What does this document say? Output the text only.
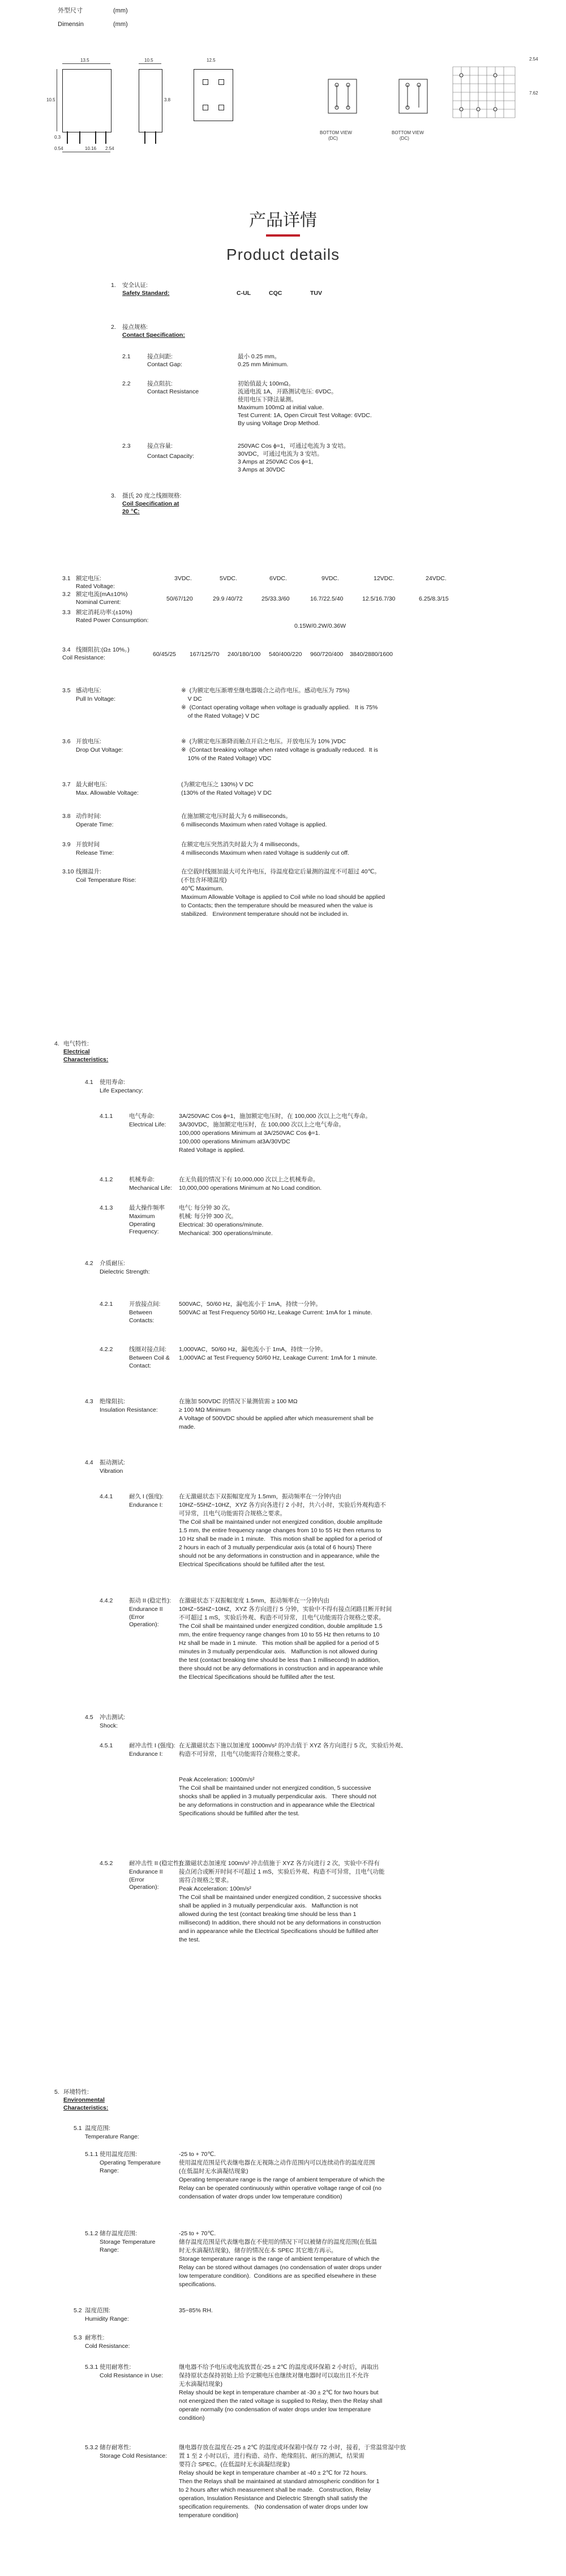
外型尺寸	(mm)
Dimensin	(mm)
13.5
10.5
0.3
0.54	10.16 2.54
10.5
3.8
12.5
BOTTOM VIEW
(DC)
BOTTOM VIEW
(DC)
2.54
7.62
产品详情
Product details
1. 安全认证:
Safety Standard:	C-UL	CQC	TUV
2. 接点规格:
Contact Specification:
2.1	接点间距:
Contact Gap:
最小 0.25 mm。
0.25 mm Minimum.
2.2	接点阻抗:
Contact Resistance
初始值最大 100mΩ。
流通电流 1A，开路测试电压: 6VDC。
使用电压下降法量测。
Maximum 100mΩ at initial value.
Test Current: 1A, Open Circuit Test Voltage: 6VDC.
By using Voltage Drop Method.
2.3	接点容量:
Contact Capacity:
250VAC Cos ϕ=1，可通过电流为 3 安培。
30VDC，可通过电流为 3 安培。
3 Amps at 250VAC Cos ϕ=1,
3 Amps at 30VDC
3. 摄氏 20 度之线圈规格:
Coil Specification at
20 ℃:
3.1 额定电压:
Rated Voltage:
3VDC.	5VDC.	6VDC.	9VDC.	12VDC.	24VDC.
3.2 额定电流(mA±10%)
Nominal Current:	50/67/120	29.9 /40/72	25/33.3/60	16.7/22.5/40	12.5/16.7/30	6.25/8.3/15
3.3 额定消耗功率:(±10%)
Rated Power Consumption:
0.15W/0.2W/0.36W
3.4 线圈阻抗:(Ω± 10%。)
Coil Resistance:	60/45/25 167/125/70 240/180/100 540/400/220 960/720/400 3840/2880/1600
4. 电气特性:
Electrical
Characteristics:
5. 环境特性:
Environmental
Characteristics:
3.5 感动电压:
Pull In Voltage:
※  (为额定电压渐增至继电器吸合之动作电压。感动电压为 75%)
V DC
※  (Contact operating voltage when voltage is gradually applied.   It is 75%
of the Rated Voltage) V DC
3.6 开放电压:
Drop Out Voltage:
※  (为额定电压渐降而触点开启之电压。开放电压为 10% )VDC
※  (Contact breaking voltage when rated voltage is gradually reduced.  It is
10% of the Rated Voltage) VDC
3.7 最大耐电压:
Max. Allowable Voltage:
(为额定电压之 130%) V DC
(130% of the Rated Voltage) V DC
3.8 动作时间:
Operate Time:
在施加额定电压时最大为 6 milliseconds。
6 milliseconds Maximum when rated Voltage is applied.
3.9 开放时间
Release Time:
在额定电压突然消失时最大为 4 milliseconds。
4 milliseconds Maximum when rated Voltage is suddenly cut off.
3.10 线圈温升:
Coil Temperature Rise:
在空载时线圈加最大可允许电压，待温度稳定后量测的温度不可超过 40℃。
(不包含环境温度)
40℃ Maximum.
Maximum Allowable Voltage is applied to Coil while no load should be applied
to Contacts; then the temperature should be measured when the value is
stabilized.   Environment temperature should not be included in.
4.1 使用寿命:
Life Expectancy:
4.1.1	电气寿命:
Electrical Life:
3A/250VAC Cos ϕ=1，施加额定电压时，在 100,000 次以上之电气寿命。
3A/30VDC，施加额定电压时，在 100,000 次以上之电气寿命。
100,000 operations Minimum at 3A/250VAC Cos ϕ=1.
100,000 operations Minimum at3A/30VDC
Rated Voltage is applied.
4.1.2	机械寿命:
Mechanical Life:
在无负载的情况下有 10,000,000 次以上之机械寿命。
10,000,000 operations Minimum at No Load condition.
4.1.3	最大操作频率
Maximum Operating Frequency:
电气: 每分钟 30 次。
机械: 每分钟 300 次。
Electrical: 30 operations/minute.
Mechanical: 300 operations/minute.
4.2 介质耐压:
Dielectric Strength:
4.2.1	开放接点间:
Between Contacts:
500VAC，50/60 Hz，漏电流小于 1mA，持续一分钟。
500VAC at Test Frequency 50/60 Hz, Leakage Current: 1mA for 1 minute.
4.2.2	线圈对接点间:
Between Coil & Contact:
1,000VAC，50/60 Hz，漏电流小于 1mA，持续一分钟。
1,000VAC at Test Frequency 50/60 Hz, Leakage Current: 1mA for 1 minute.
4.3 绝缘阻抗:
Insulation Resistance:
在施加 500VDC 的情况下量测值需 ≥ 100 MΩ
≥ 100 MΩ Minimum
A Voltage of 500VDC should be applied after which measurement shall be
made.
4.4 振动测试:
Vibration
4.4.1	耐久 I (强度):
Endurance I:
在无激磁状态下双振幅宽度为 1.5mm，振动频率在一分钟内由
10HZ~55HZ~10HZ，XYZ 各方向各进行 2 小时，共六小时，实验后外观构造不
可异常，且电气功能需符合规格之要求。
The Coil shall be maintained under not energized condition, double amplitude
1.5 mm, the entire frequency range changes from 10 to 55 Hz then returns to
10 Hz shall be made in 1 minute.   This motion shall be applied for a period of
2 hours in each of 3 mutually perpendicular axis (a total of 6 hours) There
should not be any deformations in construction and in appearance, while the
Electrical Specifications should be fulfilled after the test.
4.4.2	振动 II (稳定性):
Endurance II (Error Operation):
在激磁状态下双振幅宽度 1.5mm，振动频率在一分钟内由
10HZ~55HZ~10HZ，XYZ 各方向进行 5 分钟，实验中不得有接点闭路且断开时间
不可超过 1 mS，实验后外观、构造不可异常，且电气功能需符合规格之要求。
The Coil shall be maintained under energized condition, double amplitude 1.5
mm, the entire frequency range changes from 10 to 55 Hz then returns to 10
Hz shall be made in 1 minute.   This motion shall be applied for a period of 5
minutes in 3 mutually perpendicular axis.   Malfunction is not allowed during
the test (contact breaking time should be less than 1 millisecond) In addition,
there should not be any deformations in construction and in appearance while
the Electrical Specifications should be fulfilled after the test.
4.5 冲击测试:
Shock:
4.5.1	耐冲击性 I (强度):
Endurance I:
在无激磁状态下施以加速度 1000m/s² 的冲击值于 XYZ 各方向进行 5 次，实验后外观、
构造不可异常，且电气功能需符合规格之要求。
Peak Acceleration: 1000m/s²
The Coil shall be maintained under not energized condition, 5 successive
shocks shall be applied in 3 mutually perpendicular axis.   There should not
be any deformations in construction and in appearance while the Electrical
Specifications should be fulfilled after the test.
4.5.2	耐冲击性 II (稳定性):
Endurance II (Error Operation):
在激磁状态加速度 100m/s² 冲击值施于 XYZ 各方向进行 2 次，实验中不得有
接点闭合或断开时间不可超过 1 mS，实验后外观、构造不可异常，且电气功能
需符合规格之要求。
Peak Acceleration: 100m/s²
The Coil shall be maintained under energized condition, 2 successive shocks
shall be applied in 3 mutually perpendicular axis.   Malfunction is not
allowed during the test (contact breaking time should be less than 1
millisecond) In addition, there should not be any deformations in construction
and in appearance while the Electrical Specifications should be fulfilled after
the test.
5.1 温度范围:
Temperature Range:
5.1.1 使用温度范围:
Operating Temperature Range:
-25 to + 70℃.
使用温度范围是代表继电器在无视陈之动作范围内可以连续动作的温度范围
(在低温时无水滴凝结现象)
Operating temperature range is the range of ambient temperature of which the
Relay can be operated continuously within operative voltage range of coil (no
condensation of water drops under low temperature condition)
5.1.2 储存温度范围:
Storage Temperature Range:
-25 to + 70℃.
储存温度范围是代表继电器在不使用的情况下可以被储存的温度范围(在低温
时无水滴凝结现象)，储存的情况在本 SPEC 其它地方再示。
Storage temperature range is the range of ambient temperature of which the
Relay can be stored without damages (no condensation of water drops under
low temperature condition).  Conditions are as specified elsewhere in these
specifications.
5.2 湿度范围:
Humidity Range:
5.3 耐寒性:
Cold Resistance:
5.3.1 使用耐寒性:
Cold Resistance in Use:
继电器不给予电压或电流放置在-25 ± 2℃ 的温度或环保箱 2 小时后，再取出
保持原状态保持初始上给予定额电压也继续对继电器时可以取出且不允许
无水滴凝结现象)
Relay should be kept in temperature chamber at -30 ± 2℃ for two hours but
not energized then the rated voltage is supplied to Relay, then the Relay shall
operate normally (no condensation of water drops under low temperature
condition)
5.3.2 储存耐寒性:
Storage Cold Resistance:
继电器存放在温度在-25 ± 2℃ 的温度或环保箱中保存 72 小时，接着，于常温常湿中放
置 1 至 2 小时以后，进行构造、动作、绝缘阻抗、耐压的测试，结果需
要符合 SPEC。(在低温时无水滴凝结现象)
Relay should be kept in temperature chamber at -40 ± 2℃ for 72 hours.
Then the Relays shall be maintained at standard atmospheric condition for 1
to 2 hours after which measurement shall be made.   Construction, Relay
operation, Insulation Resistance and Dielectric Strength shall satisfy the
specification requirements.   (No condensation of water drops under low
temperature condition)
35~85% RH.
